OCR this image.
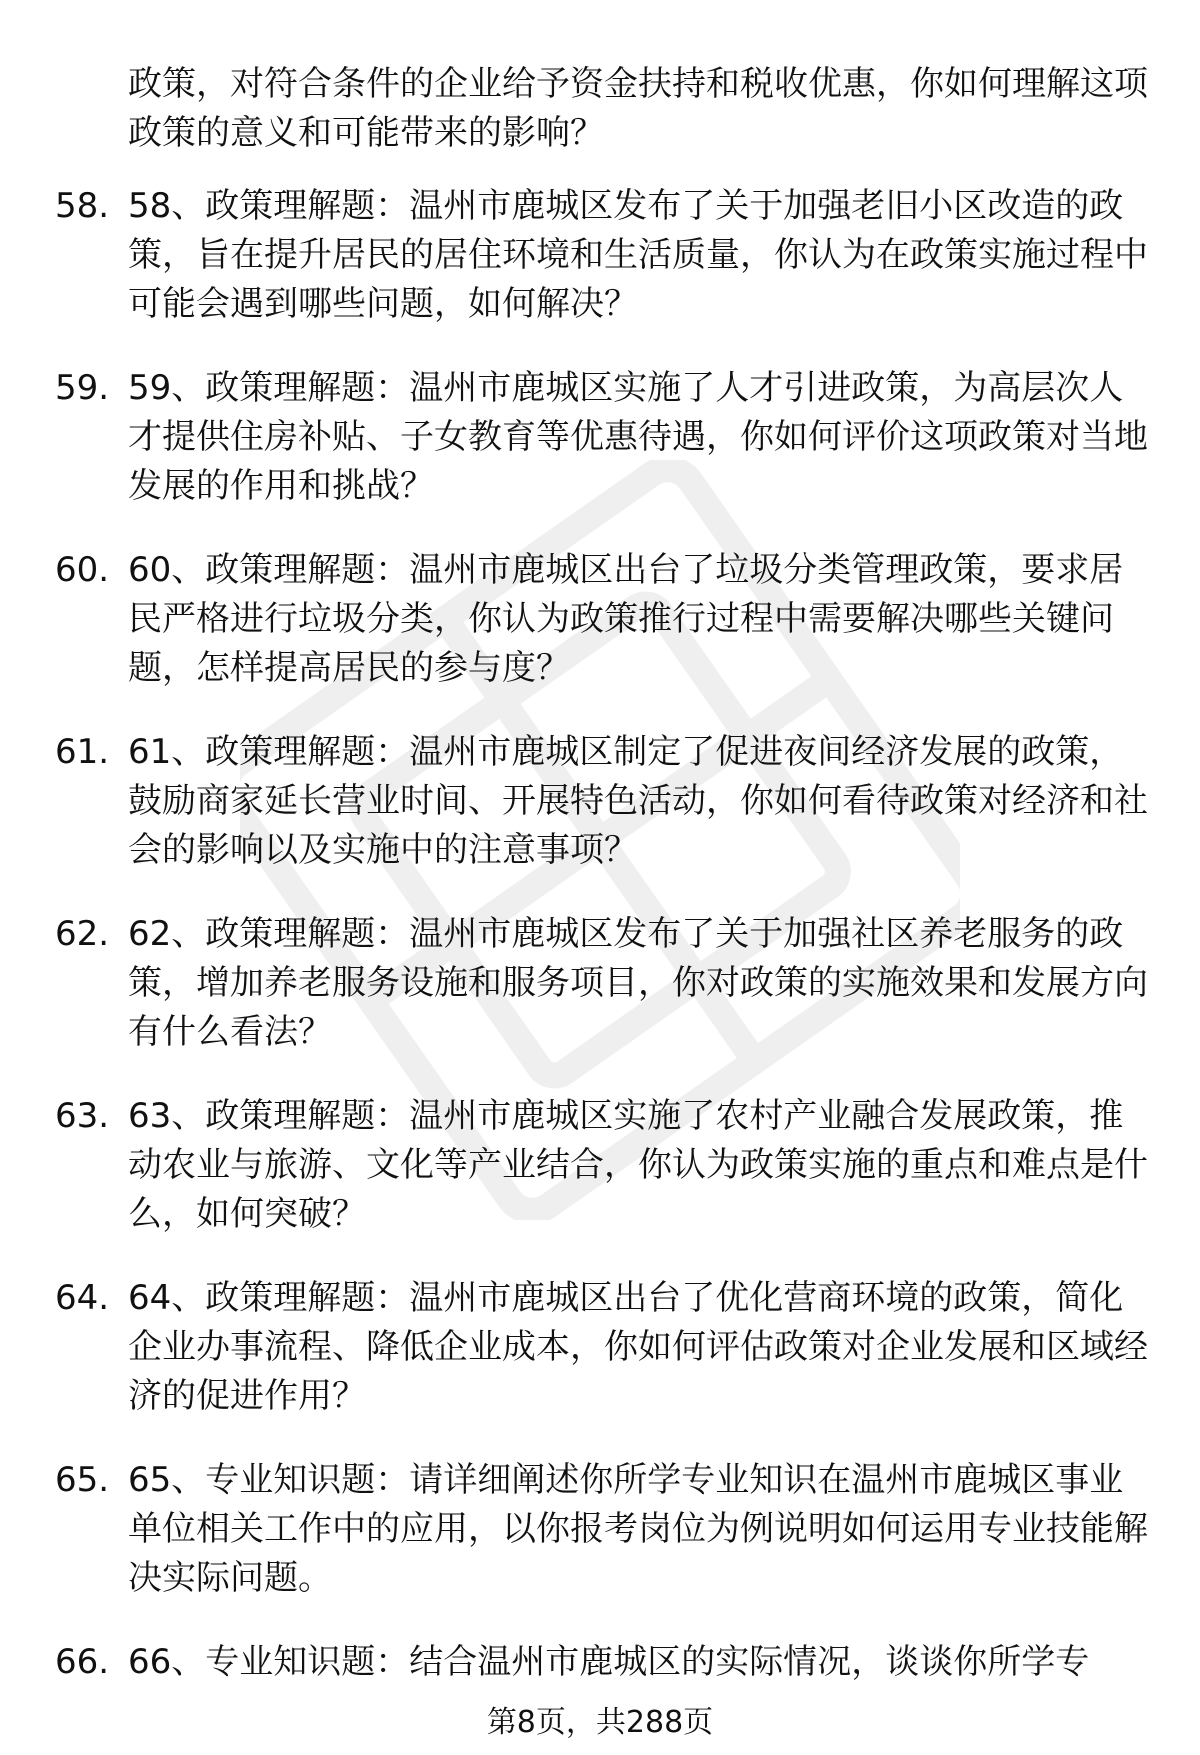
政策，对符合条件的企业给予资金扶持和税收优惠，你如何理解这项政策的意义和可能带来的影响？

58. 58、政策理解题：温州市鹿城区发布了关于加强老旧小区改造的政策，旨在提升居民的居住环境和生活质量，你认为在政策实施过程中可能会遇到哪些问题，如何解决？
59. 59、政策理解题：温州市鹿城区实施了人才引进政策，为高层次人才提供住房补贴、子女教育等优惠待遇，你如何评价这项政策对当地发展的作用和挑战？
60. 60、政策理解题：温州市鹿城区出台了垃圾分类管理政策，要求居民严格进行垃圾分类，你认为政策推行过程中需要解决哪些关键问题，怎样提高居民的参与度？
61. 61、政策理解题：温州市鹿城区制定了促进夜间经济发展的政策，鼓励商家延长营业时间、开展特色活动，你如何看待政策对经济和社会的影响以及实施中的注意事项？
62. 62、政策理解题：温州市鹿城区发布了关于加强社区养老服务的政策，增加养老服务设施和服务项目，你对政策的实施效果和发展方向有什么看法？
63. 63、政策理解题：温州市鹿城区实施了农村产业融合发展政策，推动农业与旅游、文化等产业结合，你认为政策实施的重点和难点是什么，如何突破？
64. 64、政策理解题：温州市鹿城区出台了优化营商环境的政策，简化企业办事流程、降低企业成本，你如何评估政策对企业发展和区域经济的促进作用？
65. 65、专业知识题：请详细阐述你所学专业知识在温州市鹿城区事业单位相关工作中的应用，以你报考岗位为例说明如何运用专业技能解决实际问题。
66. 66、专业知识题：结合温州市鹿城区的实际情况，谈谈你所学专
第8页，共288页
